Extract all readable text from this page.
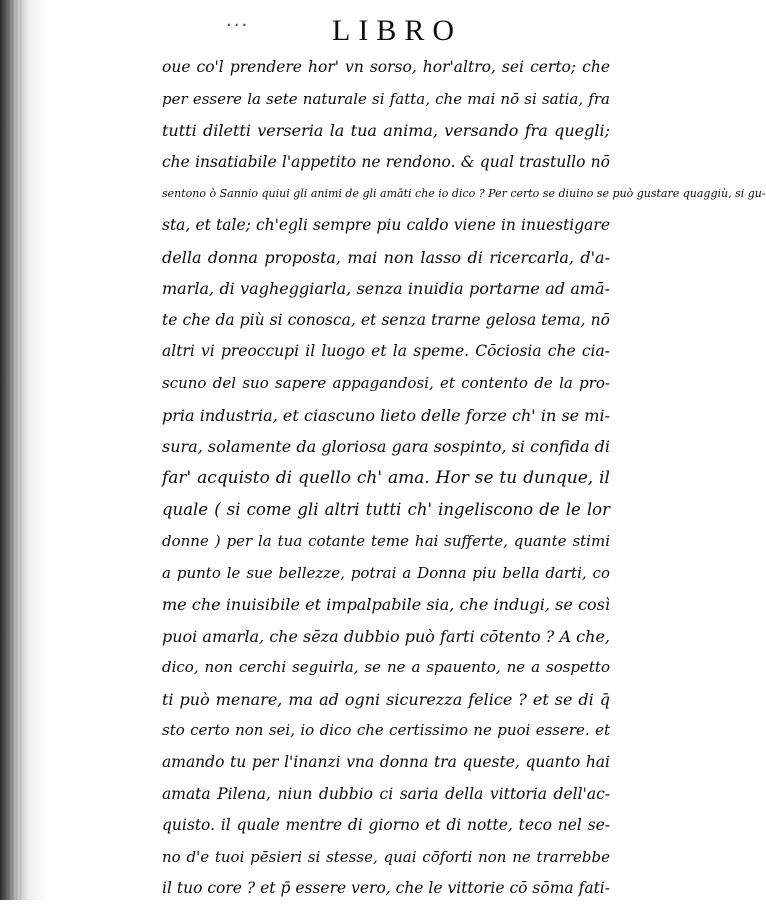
...	LIBRO
oue co'l prendere hor' vn sorso, hor'altro, sei certo; che
per essere la sete naturale si fatta, che mai nō si satia, fra
tutti diletti verseria la tua anima, versando fra quegli;
che insatiabile l'appetito ne rendono. & qual trastullo nō
sentono ò Sannio quiui gli animi de gli amāti che io dico ? Per certo se diuino se può gustare quaggiù, si gu-
sta, et tale; ch'egli sempre piu caldo viene in inuestigare
della donna proposta, mai non lasso di ricercarla, d'a-
marla, di vagheggiarla, senza inuidia portarne ad amā-
te che da più si conosca, et senza trarne gelosa tema, nō
altri vi preoccupi il luogo et la speme. Cōciosia che cia-
scuno del suo sapere appagandosi, et contento de la pro-
pria industria, et ciascuno lieto delle forze ch' in se mi-
sura, solamente da gloriosa gara sospinto, si confida di
far' acquisto di quello ch' ama. Hor se tu dunque, il
quale ( si come gli altri tutti ch' ingeliscono de le lor
donne ) per la tua cotante teme hai sufferte, quante stimi
a punto le sue bellezze, potrai a Donna piu bella darti, co
me che inuisibile et impalpabile sia, che indugi, se così
puoi amarla, che sēza dubbio può farti cōtento ? A che,
dico, non cerchi seguirla, se ne a spauento, ne a sospetto
ti può menare, ma ad ogni sicurezza felice ? et se di q̄
sto certo non sei, io dico che certissimo ne puoi essere. et
amando tu per l'inanzi vna donna tra queste, quanto hai
amata Pilena, niun dubbio ci saria della vittoria dell'ac-
quisto. il quale mentre di giorno et di notte, teco nel se-
no d'e tuoi pēsieri si stesse, quai cōforti non ne trarrebbe
il tuo core ? et p̄ essere vero, che le vittorie cō sōma fati-
